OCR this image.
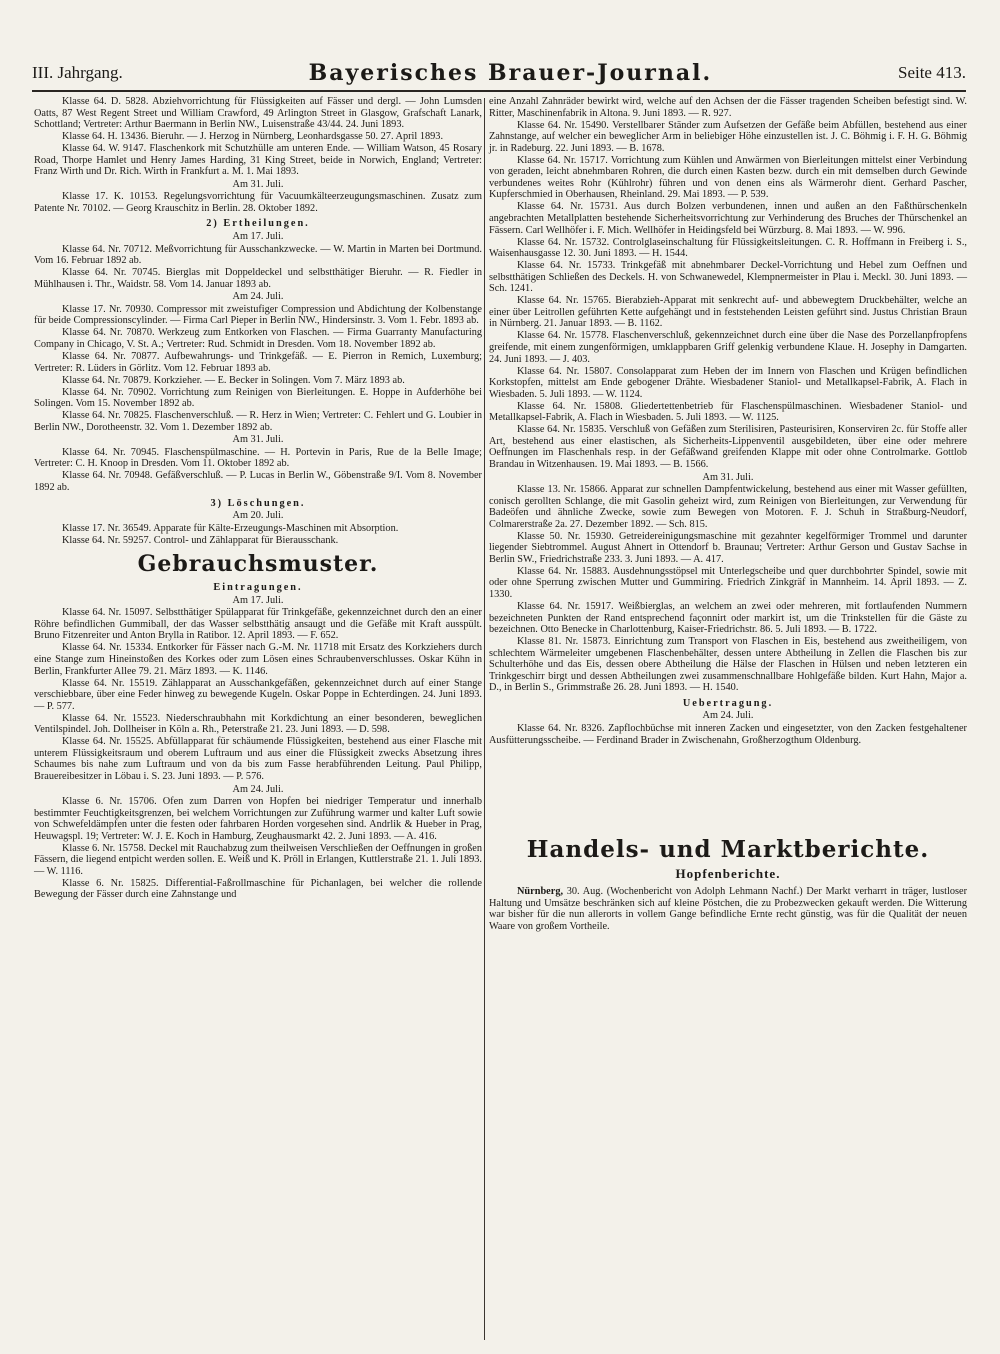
III. Jahrgang.	Bayerisches Brauer-Journal.	Seite 413.

Klasse 64. D. 5828. Abziehvorrichtung für Flüssigkeiten auf Fässer und dergl. — John Lumsden Oatts, 87 West Regent Street und William Crawford, 49 Arlington Street in Glasgow, Grafschaft Lanark, Schottland; Vertreter: Arthur Baermann in Berlin NW., Luisenstraße 43/44. 24. Juni 1893.

Klasse 64. H. 13436. Bieruhr. — J. Herzog in Nürnberg, Leonhardsgasse 50. 27. April 1893.

Klasse 64. W. 9147. Flaschenkork mit Schutzhülle am unteren Ende. — William Watson, 45 Rosary Road, Thorpe Hamlet und Henry James Harding, 31 King Street, beide in Norwich, England; Vertreter: Franz Wirth und Dr. Rich. Wirth in Frankfurt a. M. 1. Mai 1893.

Am 31. Juli.

Klasse 17. K. 10153. Regelungsvorrichtung für Vacuumkälteerzeugungsmaschinen. Zusatz zum Patente Nr. 70102. — Georg Krauschitz in Berlin. 28. Oktober 1892.

2) Ertheilungen.

Am 17. Juli.

Klasse 64. Nr. 70712. Meßvorrichtung für Ausschankzwecke. — W. Martin in Marten bei Dortmund. Vom 16. Februar 1892 ab.

Klasse 64. Nr. 70745. Bierglas mit Doppeldeckel und selbstthätiger Bieruhr. — R. Fiedler in Mühlhausen i. Thr., Waidstr. 58. Vom 14. Januar 1893 ab.

Am 24. Juli.

Klasse 17. Nr. 70930. Compressor mit zweistufiger Compression und Abdichtung der Kolbenstange für beide Compressionscylinder. — Firma Carl Pieper in Berlin NW., Hindersinstr. 3. Vom 1. Febr. 1893 ab.

Klasse 64. Nr. 70870. Werkzeug zum Entkorken von Flaschen. — Firma Guarranty Manufacturing Company in Chicago, V. St. A.; Vertreter: Rud. Schmidt in Dresden. Vom 18. November 1892 ab.

Klasse 64. Nr. 70877. Aufbewahrungs- und Trinkgefäß. — E. Pierron in Remich, Luxemburg; Vertreter: R. Lüders in Görlitz. Vom 12. Februar 1893 ab.

Klasse 64. Nr. 70879. Korkzieher. — E. Becker in Solingen. Vom 7. März 1893 ab.

Klasse 64. Nr. 70902. Vorrichtung zum Reinigen von Bierleitungen. E. Hoppe in Aufderhöhe bei Solingen. Vom 15. November 1892 ab.

Klasse 64. Nr. 70825. Flaschenverschluß. — R. Herz in Wien; Vertreter: C. Fehlert und G. Loubier in Berlin NW., Dorotheenstr. 32. Vom 1. Dezember 1892 ab.

Am 31. Juli.

Klasse 64. Nr. 70945. Flaschenspülmaschine. — H. Portevin in Paris, Rue de la Belle Image; Vertreter: C. H. Knoop in Dresden. Vom 11. Oktober 1892 ab.

Klasse 64. Nr. 70948. Gefäßverschluß. — P. Lucas in Berlin W., Göbenstraße 9/I. Vom 8. November 1892 ab.

3) Löschungen.

Am 20. Juli.

Klasse 17. Nr. 36549. Apparate für Kälte-Erzeugungs-Maschinen mit Absorption.

Klasse 64. Nr. 59257. Control- und Zählapparat für Bierausschank.

Gebrauchsmuster.

Eintragungen.

Am 17. Juli.

Klasse 64. Nr. 15097. Selbstthätiger Spülapparat für Trinkgefäße, gekennzeichnet durch den an einer Röhre befindlichen Gummiball, der das Wasser selbstthätig ansaugt und die Gefäße mit Kraft ausspült. Bruno Fitzenreiter und Anton Brylla in Ratibor. 12. April 1893. — F. 652.

Klasse 64. Nr. 15334. Entkorker für Fässer nach G.-M. Nr. 11718 mit Ersatz des Korkziehers durch eine Stange zum Hineinstoßen des Korkes oder zum Lösen eines Schraubenverschlusses. Oskar Kühn in Berlin, Frankfurter Allee 79. 21. März 1893. — K. 1146.

Klasse 64. Nr. 15519. Zählapparat an Ausschankgefäßen, gekennzeichnet durch auf einer Stange verschiebbare, über eine Feder hinweg zu bewegende Kugeln. Oskar Poppe in Echterdingen. 24. Juni 1893. — P. 577.

Klasse 64. Nr. 15523. Niederschraubhahn mit Korkdichtung an einer besonderen, beweglichen Ventilspindel. Joh. Dollheiser in Köln a. Rh., Peterstraße 21. 23. Juni 1893. — D. 598.

Klasse 64. Nr. 15525. Abfüllapparat für schäumende Flüssigkeiten, bestehend aus einer Flasche mit unterem Flüssigkeitsraum und oberem Luftraum und aus einer die Flüssigkeit zwecks Absetzung ihres Schaumes bis nahe zum Luftraum und von da bis zum Fasse herabführenden Leitung. Paul Philipp, Brauereibesitzer in Löbau i. S. 23. Juni 1893. — P. 576.

Am 24. Juli.

Klasse 6. Nr. 15706. Ofen zum Darren von Hopfen bei niedriger Temperatur und innerhalb bestimmter Feuchtigkeitsgrenzen, bei welchem Vorrichtungen zur Zuführung warmer und kalter Luft sowie von Schwefeldämpfen unter die festen oder fahrbaren Horden vorgesehen sind. Andrlik & Hueber in Prag, Heuwagspl. 19; Vertreter: W. J. E. Koch in Hamburg, Zeughausmarkt 42. 2. Juni 1893. — A. 416.

Klasse 6. Nr. 15758. Deckel mit Rauchabzug zum theilweisen Verschließen der Oeffnungen in großen Fässern, die liegend entpicht werden sollen. E. Weiß und K. Pröll in Erlangen, Kuttlerstraße 21. 1. Juli 1893. — W. 1116.

Klasse 6. Nr. 15825. Differential-Faßrollmaschine für Pichanlagen, bei welcher die rollende Bewegung der Fässer durch eine Zahnstange und

eine Anzahl Zahnräder bewirkt wird, welche auf den Achsen der die Fässer tragenden Scheiben befestigt sind. W. Ritter, Maschinenfabrik in Altona. 9. Juni 1893. — R. 927.

Klasse 64. Nr. 15490. Verstellbarer Ständer zum Aufsetzen der Gefäße beim Abfüllen, bestehend aus einer Zahnstange, auf welcher ein beweglicher Arm in beliebiger Höhe einzustellen ist. J. C. Böhmig i. F. H. G. Böhmig jr. in Radeburg. 22. Juni 1893. — B. 1678.

Klasse 64. Nr. 15717. Vorrichtung zum Kühlen und Anwärmen von Bierleitungen mittelst einer Verbindung von geraden, leicht abnehmbaren Rohren, die durch einen Kasten bezw. durch ein mit demselben durch Gewinde verbundenes weites Rohr (Kühlrohr) führen und von denen eins als Wärmerohr dient. Gerhard Pascher, Kupferschmied in Oberhausen, Rheinland. 29. Mai 1893. — P. 539.

Klasse 64. Nr. 15731. Aus durch Bolzen verbundenen, innen und außen an den Faßthürschenkeln angebrachten Metallplatten bestehende Sicherheitsvorrichtung zur Verhinderung des Bruches der Thürschenkel an Fässern. Carl Wellhöfer i. F. Mich. Wellhöfer in Heidingsfeld bei Würzburg. 8. Mai 1893. — W. 996.

Klasse 64. Nr. 15732. Controlglaseinschaltung für Flüssigkeitsleitungen. C. R. Hoffmann in Freiberg i. S., Waisenhausgasse 12. 30. Juni 1893. — H. 1544.

Klasse 64. Nr. 15733. Trinkgefäß mit abnehmbarer Deckel-Vorrichtung und Hebel zum Oeffnen und selbstthätigen Schließen des Deckels. H. von Schwanewedel, Klempnermeister in Plau i. Meckl. 30. Juni 1893. — Sch. 1241.

Klasse 64. Nr. 15765. Bierabzieh-Apparat mit senkrecht auf- und abbewegtem Druckbehälter, welche an einer über Leitrollen geführten Kette aufgehängt und in feststehenden Leisten geführt sind. Justus Christian Braun in Nürnberg. 21. Januar 1893. — B. 1162.

Klasse 64. Nr. 15778. Flaschenverschluß, gekennzeichnet durch eine über die Nase des Porzellanpfropfens greifende, mit einem zungenförmigen, umklappbaren Griff gelenkig verbundene Klaue. H. Josephy in Damgarten. 24. Juni 1893. — J. 403.

Klasse 64. Nr. 15807. Consolapparat zum Heben der im Innern von Flaschen und Krügen befindlichen Korkstopfen, mittelst am Ende gebogener Drähte. Wiesbadener Staniol- und Metallkapsel-Fabrik, A. Flach in Wiesbaden. 5. Juli 1893. — W. 1124.

Klasse 64. Nr. 15808. Gliedertettenbetrieb für Flaschenspülmaschinen. Wiesbadener Staniol- und Metallkapsel-Fabrik, A. Flach in Wiesbaden. 5. Juli 1893. — W. 1125.

Klasse 64. Nr. 15835. Verschluß von Gefäßen zum Sterilisiren, Pasteurisiren, Konserviren 2c. für Stoffe aller Art, bestehend aus einer elastischen, als Sicherheits-Lippenventil ausgebildeten, über eine oder mehrere Oeffnungen im Flaschenhals resp. in der Gefäßwand greifenden Klappe mit oder ohne Controlmarke. Gottlob Brandau in Witzenhausen. 19. Mai 1893. — B. 1566.

Am 31. Juli.

Klasse 13. Nr. 15866. Apparat zur schnellen Dampfentwickelung, bestehend aus einer mit Wasser gefüllten, conisch gerollten Schlange, die mit Gasolin geheizt wird, zum Reinigen von Bierleitungen, zur Verwendung für Badeöfen und ähnliche Zwecke, sowie zum Bewegen von Motoren. F. J. Schuh in Straßburg-Neudorf, Colmarerstraße 2a. 27. Dezember 1892. — Sch. 815.

Klasse 50. Nr. 15930. Getreidereinigungsmaschine mit gezahnter kegelförmiger Trommel und darunter liegender Siebtrommel. August Ahnert in Ottendorf b. Braunau; Vertreter: Arthur Gerson und Gustav Sachse in Berlin SW., Friedrichstraße 233. 3. Juni 1893. — A. 417.

Klasse 64. Nr. 15883. Ausdehnungsstöpsel mit Unterlegscheibe und quer durchbohrter Spindel, sowie mit oder ohne Sperrung zwischen Mutter und Gummiring. Friedrich Zinkgräf in Mannheim. 14. April 1893. — Z. 1330.

Klasse 64. Nr. 15917. Weißbierglas, an welchem an zwei oder mehreren, mit fortlaufenden Nummern bezeichneten Punkten der Rand entsprechend façonnirt oder markirt ist, um die Trinkstellen für die Gäste zu bezeichnen. Otto Benecke in Charlottenburg, Kaiser-Friedrichstr. 86. 5. Juli 1893. — B. 1722.

Klasse 81. Nr. 15873. Einrichtung zum Transport von Flaschen in Eis, bestehend aus zweitheiligem, von schlechtem Wärmeleiter umgebenen Flaschenbehälter, dessen untere Abtheilung in Zellen die Flaschen bis zur Schulterhöhe und das Eis, dessen obere Abtheilung die Hälse der Flaschen in Hülsen und neben letzteren ein Trinkgeschirr birgt und dessen Abtheilungen zwei zusammenschnallbare Hohlgefäße bilden. Kurt Hahn, Major a. D., in Berlin S., Grimmstraße 26. 28. Juni 1893. — H. 1540.

Uebertragung.

Am 24. Juli.

Klasse 64. Nr. 8326. Zapflochbüchse mit inneren Zacken und eingesetzter, von den Zacken festgehaltener Ausfütterungsscheibe. — Ferdinand Brader in Zwischenahn, Großherzogthum Oldenburg.

Handels- und Marktberichte.

Hopfenberichte.

Nürnberg, 30. Aug. (Wochenbericht von Adolph Lehmann Nachf.) Der Markt verharrt in träger, lustloser Haltung und Umsätze beschränken sich auf kleine Pöstchen, die zu Probezwecken gekauft werden. Die Witterung war bisher für die nun allerorts in vollem Gange befindliche Ernte recht günstig, was für die Qualität der neuen Waare von großem Vortheile.
